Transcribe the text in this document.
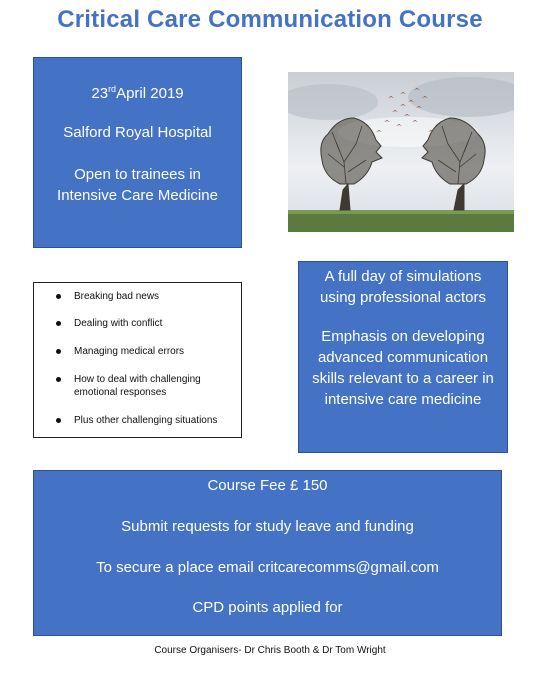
Critical Care Communication Course
23rdApril 2019
Salford Royal Hospital
Open to trainees in
Intensive Care Medicine
Breaking bad news
Dealing with conflict
Managing medical errors
How to deal with challenging emotional responses
Plus other challenging situations

A full day of simulations using professional actors

Emphasis on developing advanced communication skills relevant to a career in intensive care medicine

Course Fee £ 150
Submit requests for study leave and funding
To secure a place email critcarecomms@gmail.com
CPD points applied for
Course Organisers- Dr Chris Booth & Dr Tom Wright
